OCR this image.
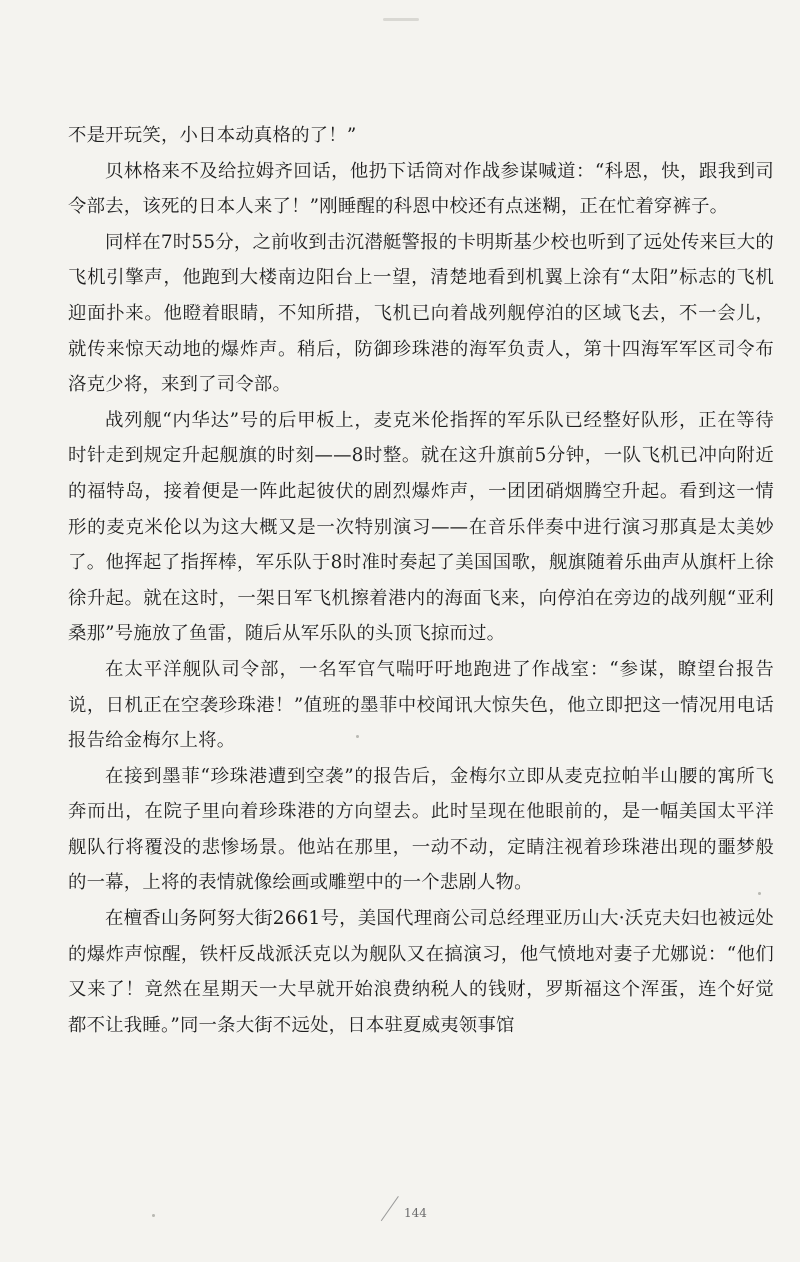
不是开玩笑，小日本动真格的了！”

贝林格来不及给拉姆齐回话，他扔下话筒对作战参谋喊道：“科恩，快，跟我到司令部去，该死的日本人来了！”刚睡醒的科恩中校还有点迷糊，正在忙着穿裤子。

同样在7时55分，之前收到击沉潜艇警报的卡明斯基少校也听到了远处传来巨大的飞机引擎声，他跑到大楼南边阳台上一望，清楚地看到机翼上涂有“太阳”标志的飞机迎面扑来。他瞪着眼睛，不知所措，飞机已向着战列舰停泊的区域飞去，不一会儿，就传来惊天动地的爆炸声。稍后，防御珍珠港的海军负责人，第十四海军军区司令布洛克少将，来到了司令部。

战列舰“内华达”号的后甲板上，麦克米伦指挥的军乐队已经整好队形，正在等待时针走到规定升起舰旗的时刻——8时整。就在这升旗前5分钟，一队飞机已冲向附近的福特岛，接着便是一阵此起彼伏的剧烈爆炸声，一团团硝烟腾空升起。看到这一情形的麦克米伦以为这大概又是一次特别演习——在音乐伴奏中进行演习那真是太美妙了。他挥起了指挥棒，军乐队于8时准时奏起了美国国歌，舰旗随着乐曲声从旗杆上徐徐升起。就在这时，一架日军飞机擦着港内的海面飞来，向停泊在旁边的战列舰“亚利桑那”号施放了鱼雷，随后从军乐队的头顶飞掠而过。

在太平洋舰队司令部，一名军官气喘吁吁地跑进了作战室：“参谋，瞭望台报告说，日机正在空袭珍珠港！”值班的墨菲中校闻讯大惊失色，他立即把这一情况用电话报告给金梅尔上将。

在接到墨菲“珍珠港遭到空袭”的报告后，金梅尔立即从麦克拉帕半山腰的寓所飞奔而出，在院子里向着珍珠港的方向望去。此时呈现在他眼前的，是一幅美国太平洋舰队行将覆没的悲惨场景。他站在那里，一动不动，定睛注视着珍珠港出现的噩梦般的一幕，上将的表情就像绘画或雕塑中的一个悲剧人物。

在檀香山务阿努大街2661号，美国代理商公司总经理亚历山大·沃克夫妇也被远处的爆炸声惊醒，铁杆反战派沃克以为舰队又在搞演习，他气愤地对妻子尤娜说：“他们又来了！竟然在星期天一大早就开始浪费纳税人的钱财，罗斯福这个浑蛋，连个好觉都不让我睡。”同一条大街不远处，日本驻夏威夷领事馆

144
